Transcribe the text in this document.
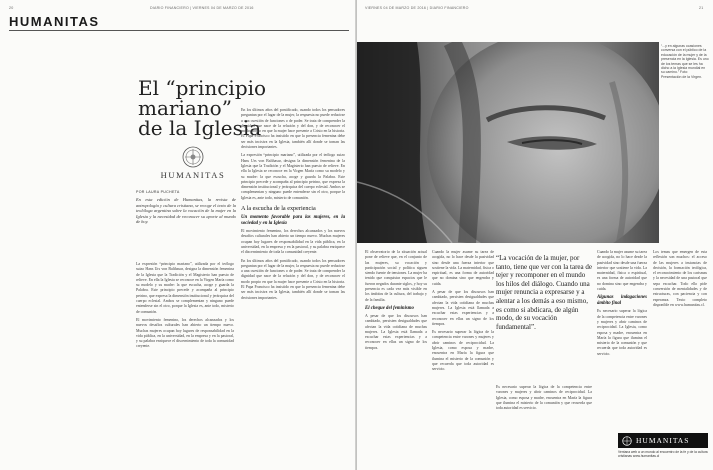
20	DIARIO FINANCIERO | VIERNES 04 DE MARZO DE 2016
HUMANITAS
El “principio mariano”
de la Iglesia
HUMANITAS
POR LAURA PUCHETA
En esta edición de Humanitas, la revista de antropología y cultura cristiana, se recoge el texto de la teolóloga argentina sobre la vocación de la mujer en la Iglesia y la necesidad de reconocer su aporte al mundo de hoy.
La expresión “principio mariano”, utilizada por el teólogo suizo Hans Urs von Balthasar, designa la dimensión femenina de la Iglesia que la Tradición y el Magisterio han puesto de relieve. En ella la Iglesia se reconoce en la Virgen María como su modelo y su madre: la que escucha, acoge y guarda la Palabra. Este principio precede y acompaña al principio petrino, que expresa la dimensión institucional y jerárquica del cuerpo eclesial. Ambos se complementan y ninguno puede entenderse sin el otro, porque la Iglesia es, ante todo, misterio de comunión.
El movimiento femenino, los derechos alcanzados y los nuevos desafíos culturales han abierto un tiempo nuevo. Muchas mujeres ocupan hoy lugares de responsabilidad en la vida pública, en la universidad, en la empresa y en la pastoral, y su palabra enriquece el discernimiento de toda la comunidad creyente.
En los últimos años del pontificado, cuando todos los pensadores preguntan por el lugar de la mujer, la respuesta no puede reducirse a una cuestión de funciones o de poder. Se trata de comprender la dignidad que nace de la relación y del don, y de reconocer el modo propio en que la mujer hace presente a Cristo en la historia. El Papa Francisco ha insistido en que la presencia femenina debe ser más incisiva en la Iglesia, también allí donde se toman las decisiones importantes.
La expresión “principio mariano”, utilizada por el teólogo suizo Hans Urs von Balthasar, designa la dimensión femenina de la Iglesia que la Tradición y el Magisterio han puesto de relieve. En ella la Iglesia se reconoce en la Virgen María como su modelo y su madre: la que escucha, acoge y guarda la Palabra. Este principio precede y acompaña al principio petrino, que expresa la dimensión institucional y jerárquica del cuerpo eclesial. Ambos se complementan y ninguno puede entenderse sin el otro, porque la Iglesia es, ante todo, misterio de comunión.
A la escucha de la experiencia
Un momento favorable para las mujeres, en la sociedad y en la Iglesia
El movimiento femenino, los derechos alcanzados y los nuevos desafíos culturales han abierto un tiempo nuevo. Muchas mujeres ocupan hoy lugares de responsabilidad en la vida pública, en la universidad, en la empresa y en la pastoral, y su palabra enriquece el discernimiento de toda la comunidad creyente.
En los últimos años del pontificado, cuando todos los pensadores preguntan por el lugar de la mujer, la respuesta no puede reducirse a una cuestión de funciones o de poder. Se trata de comprender la dignidad que nace de la relación y del don, y de reconocer el modo propio en que la mujer hace presente a Cristo en la historia. El Papa Francisco ha insistido en que la presencia femenina debe ser más incisiva en la Iglesia, también allí donde se toman las decisiones importantes.
VIERNES 04 DE MARZO DE 2016 | DIARIO FINANCIERO	21
“...y en algunas ocasiones conversa con el público de la educación de la mujer y de la presencia en la Iglesia. Es uno de los temas que se les ha dicho a la Iglesia mundial en su camino.” Foto: Presentación de la Virgen.
El observatorio de la situación actual pone de relieve que, en el conjunto de las mujeres, su vocación y participación social y política siguen siendo fuente de tensiones. La mujer ha tenido que conquistar espacios que le fueron negados durante siglos, y hoy su presencia es cada vez más visible en los ámbitos de la cultura, del trabajo y de la familia.
El cheque del feminismo
A pesar de que los discursos han cambiado, persisten desigualdades que afectan la vida cotidiana de muchas mujeres. La Iglesia está llamada a escuchar estas experiencias y a reconocer en ellas un signo de los tiempos.
Cuando la mujer asume su tarea de acogida, no lo hace desde la pasividad sino desde una fuerza interior que sostiene la vida. La maternidad, física o espiritual, es una forma de autoridad que no domina sino que engendra y cuida.
A pesar de que los discursos han cambiado, persisten desigualdades que afectan la vida cotidiana de muchas mujeres. La Iglesia está llamada a escuchar estas experiencias y a reconocer en ellas un signo de los tiempos.
Es necesario superar la lógica de la competencia entre varones y mujeres y abrir caminos de reciprocidad. La Iglesia, como esposa y madre, encuentra en María la figura que ilumina el misterio de la comunión y que recuerda que toda autoridad es servicio.
“La vocación de la mujer, por tanto, tiene que ver con la tarea de tejer y recomponer en el mundo los hilos del diálogo. Cuando una mujer renuncia a expresarse y a alentar a los demás a eso mismo, es como si abdicara, de algún modo, de su vocación fundamental”.
Es necesario superar la lógica de la competencia entre varones y mujeres y abrir caminos de reciprocidad. La Iglesia, como esposa y madre, encuentra en María la figura que ilumina el misterio de la comunión y que recuerda que toda autoridad es servicio.
Cuando la mujer asume su tarea de acogida, no lo hace desde la pasividad sino desde una fuerza interior que sostiene la vida. La maternidad, física o espiritual, es una forma de autoridad que no domina sino que engendra y cuida.
Algunas indagaciones ámbito final
Es necesario superar la lógica de la competencia entre varones y mujeres y abrir caminos de reciprocidad. La Iglesia, como esposa y madre, encuentra en María la figura que ilumina el misterio de la comunión y que recuerda que toda autoridad es servicio.
Los temas que emergen de esta reflexión son muchos: el acceso de las mujeres a instancias de decisión, la formación teológica, el reconocimiento de los carismas y la necesidad de una pastoral que sepa escuchar. Todo ello pide conversión de mentalidades y de estructuras, con paciencia y con esperanza. Texto completo disponible en www.humanitas.cl.
HUMANITAS
Ventana web a un mundo al encuentro de la fe y de la cultura cristianas www.humanitas.cl
